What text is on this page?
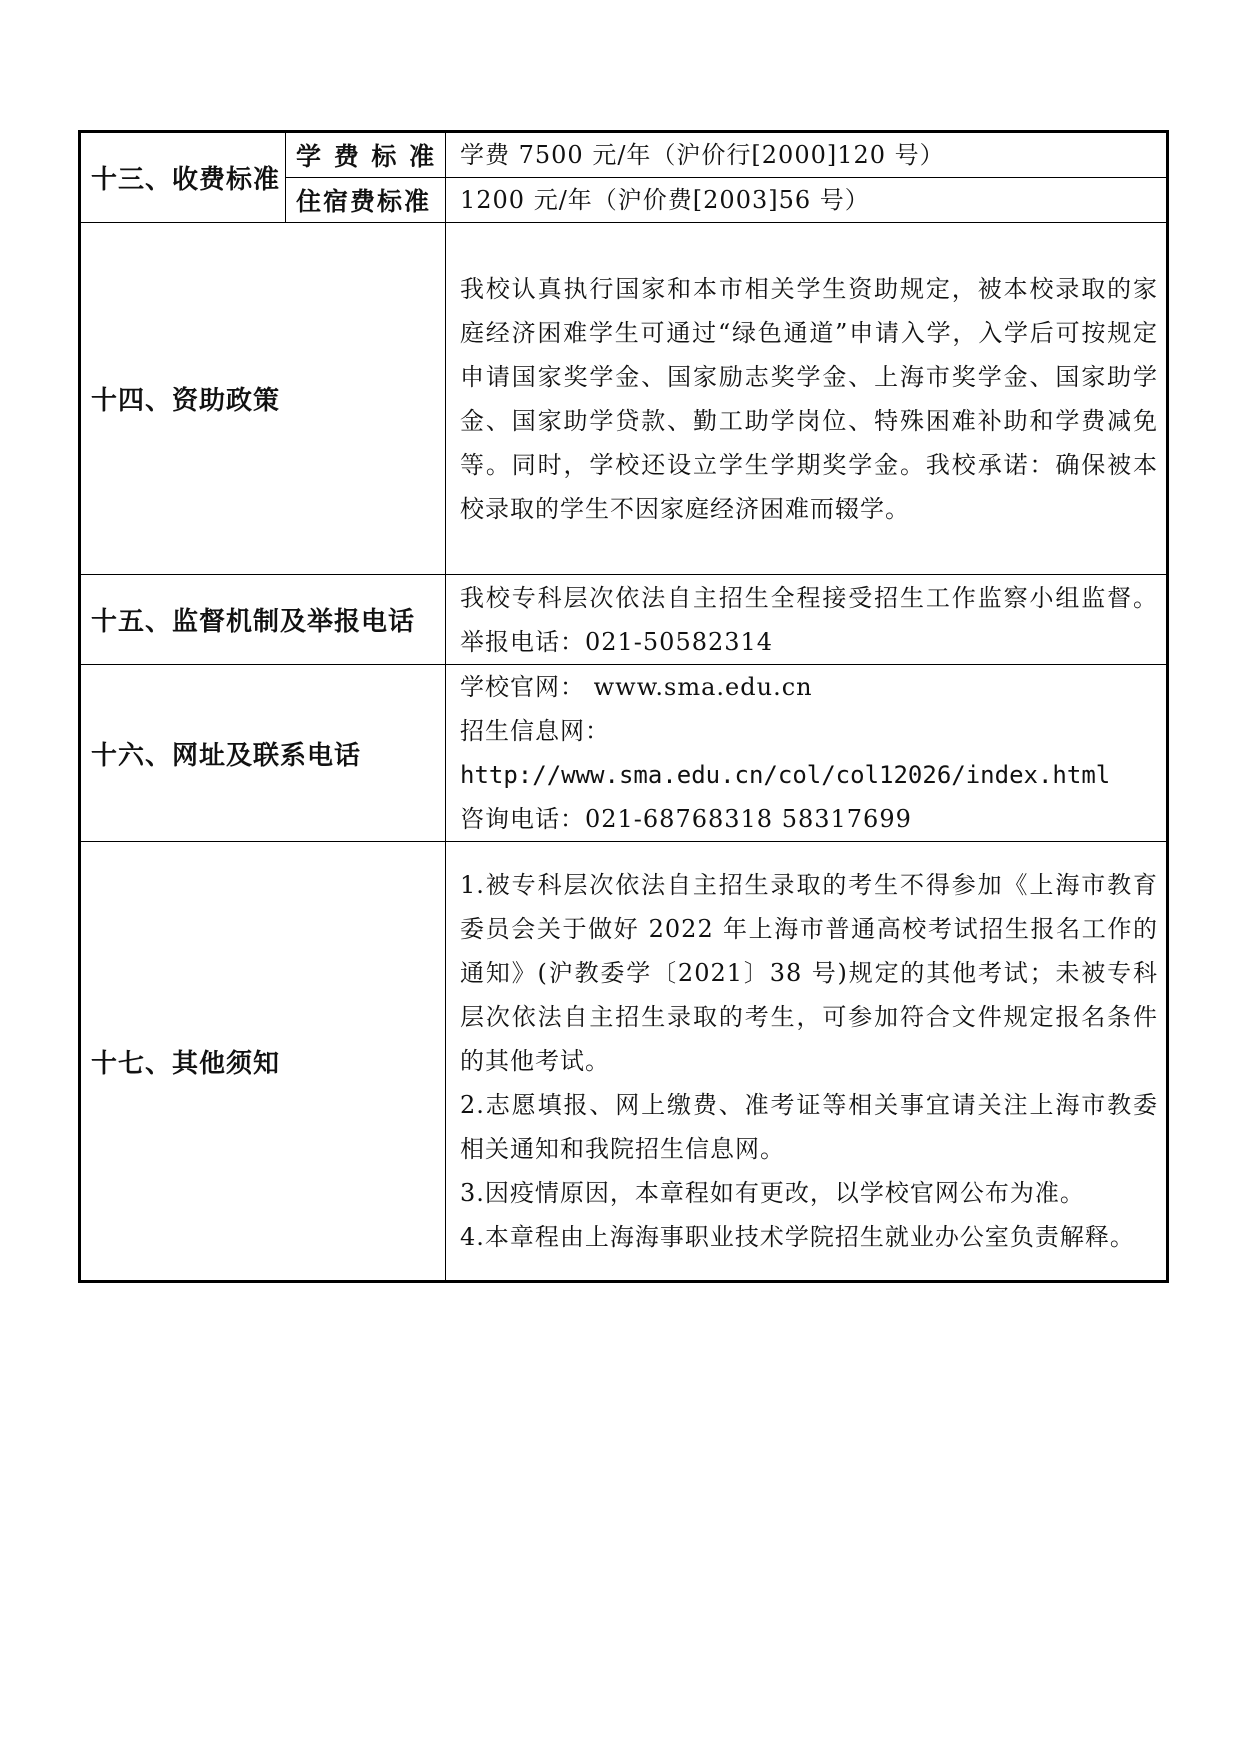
十三、收费标准	学 费 标 准	学费 7500 元/年（沪价行[2000]120 号）
	住宿费标准	1200 元/年（沪价费[2003]56 号）
十四、资助政策		我校认真执行国家和本市相关学生资助规定，被本校录取的家庭经济困难学生可通过“绿色通道”申请入学，入学后可按规定申请国家奖学金、国家励志奖学金、上海市奖学金、国家助学金、国家助学贷款、勤工助学岗位、特殊困难补助和学费减免等。同时，学校还设立学生学期奖学金。我校承诺：确保被本校录取的学生不因家庭经济困难而辍学。

十五、监督机制及举报电话		我校专科层次依法自主招生全程接受招生工作监察小组监督。举报电话：021-50582314

十六、网址及联系电话		学校官网： www.sma.edu.cn
招生信息网：
http://www.sma.edu.cn/col/col12026/index.html
咨询电话：021-68768318 58317699

十七、其他须知		1.被专科层次依法自主招生录取的考生不得参加《上海市教育委员会关于做好 2022 年上海市普通高校考试招生报名工作的通知》(沪教委学〔2021〕38 号)规定的其他考试；未被专科层次依法自主招生录取的考生，可参加符合文件规定报名条件的其他考试。

2.志愿填报、网上缴费、准考证等相关事宜请关注上海市教委相关通知和我院招生信息网。

3.因疫情原因，本章程如有更改，以学校官网公布为准。

4.本章程由上海海事职业技术学院招生就业办公室负责解释。
